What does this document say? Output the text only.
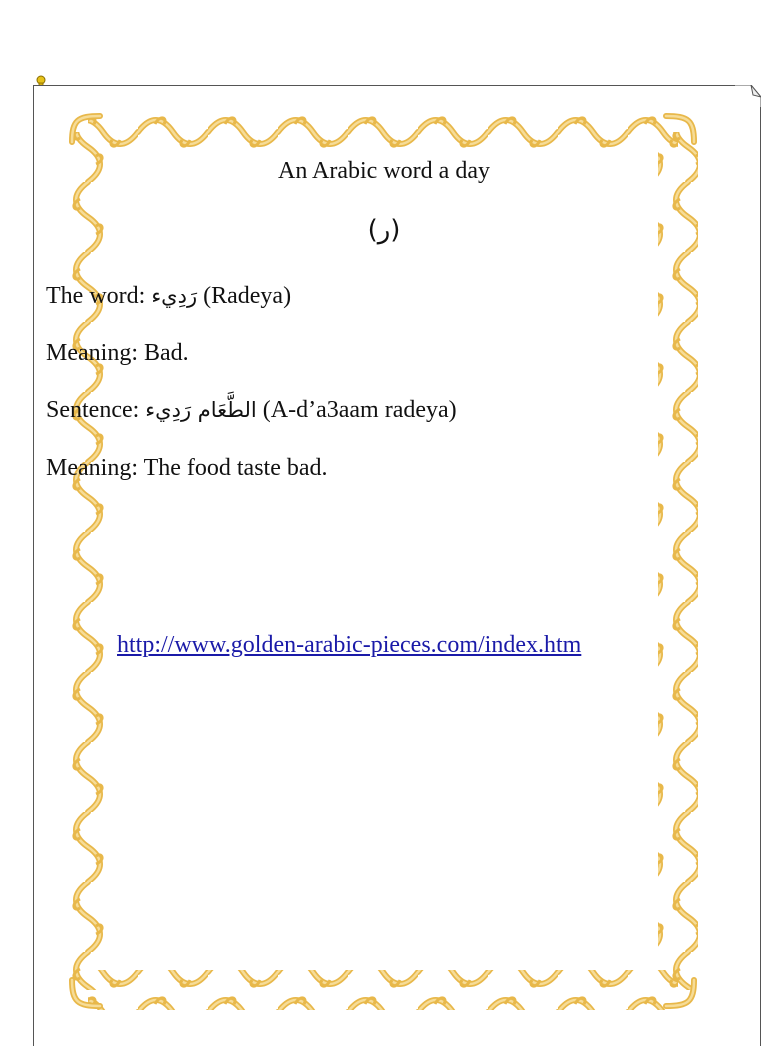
An Arabic word a day
(ر)
The word: رَدِيء (Radeya)
Meaning: Bad.
Sentence: الطَّعَام رَدِيء (A-d’a3aam radeya)
Meaning: The food taste bad.
http://www.golden-arabic-pieces.com/index.htm
